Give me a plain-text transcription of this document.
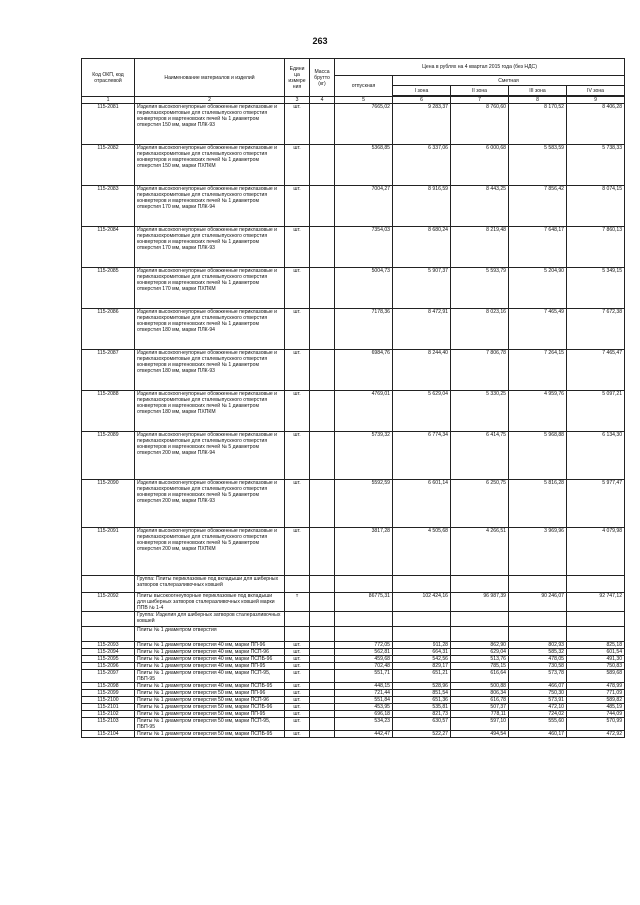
263
Код ОКП, код отраслевой	Наименование материалов и изделий	Едини ца измере ния	Масса брутто (кг)	Цена в рублях на 4 квартал 2015 года (без НДС)				
				отпускная	Сметная			
					I зона	II зона	III зона	IV зона

1	2	3	4	5	6	7	8	9
115-2081	Изделия высокоогнеупорные обожженные периклазовые и периклазохромитовые для сталевыпускного отверстия конвертеров и мартеновских печей № 1 диаметром отверстия 150 мм, марки ПЛК-93	шт.		7665,02	9 283,37	8 760,60	8 170,52	8 406,28
115-2082	Изделия высокоогнеупорные обожженные периклазовые и периклазохромитовые для сталевыпускного отверстия конвертеров и мартеновских печей № 1 диаметром отверстия 150 мм, марки ПХПКМ	шт.		5368,85	6 337,06	6 000,68	5 583,59	5 738,33
115-2083	Изделия высокоогнеупорные обожженные периклазовые и периклазохромитовые для сталевыпускного отверстия конвертеров и мартеновских печей № 1 диаметром отверстия 170 мм, марки ПЛК-94	шт.		7004,27	8 916,59	8 443,25	7 856,42	8 074,15
115-2084	Изделия высокоогнеупорные обожженные периклазовые и периклазохромитовые для сталевыпускного отверстия конвертеров и мартеновских печей № 1 диаметром отверстия 170 мм, марки ПЛК-93	шт.		7354,03	8 680,24	8 219,48	7 648,17	7 860,13
115-2085	Изделия высокоогнеупорные обожженные периклазовые и периклазохромитовые для сталевыпускного отверстия конвертеров и мартеновских печей № 1 диаметром отверстия 170 мм, марки ПХПКМ	шт.		5004,73	5 907,37	5 593,79	5 204,90	5 349,15
115-2086	Изделия высокоогнеупорные обожженные периклазовые и периклазохромитовые для сталевыпускного отверстия конвертеров и мартеновских печей № 1 диаметром отверстия 180 мм, марки ПЛК-94	шт.		7178,36	8 472,91	8 023,16	7 465,49	7 672,38
115-2087	Изделия высокоогнеупорные обожженные периклазовые и периклазохромитовые для сталевыпускного отверстия конвертеров и мартеновских печей № 1 диаметром отверстия 180 мм, марки ПЛК-93	шт.		6984,76	8 244,40	7 806,78	7 264,15	7 465,47
115-2088	Изделия высокоогнеупорные обожженные периклазовые и периклазохромитовые для сталевыпускного отверстия конвертеров и мартеновских печей № 1 диаметром отверстия 180 мм, марки ПХПКМ	шт.		4769,01	5 629,04	5 330,25	4 959,76	5 097,21
115-2089	Изделия высокоогнеупорные обожженные периклазовые и периклазохромитовые для сталевыпускного отверстия конвертеров и мартеновских печей № 5 диаметром отверстия 200 мм, марки ПЛК-94	шт.		5739,32	6 774,34	6 414,75	5 968,88	6 134,30
115-2090	Изделия высокоогнеупорные обожженные периклазовые и периклазохромитовые для сталевыпускного отверстия конвертеров и мартеновских печей № 5 диаметром отверстия 200 мм, марки ПЛК-93	шт.		5592,59	6 601,14	6 250,75	5 816,28	5 977,47
115-2091	Изделия высокоогнеупорные обожженные периклазовые и периклазохромитовые для сталевыпускного отверстия конвертеров и мартеновских печей № 5 диаметром отверстия 200 мм, марки ПХПКМ	шт.		3817,28	4 505,68	4 266,51	3 969,96	4 079,98
	Группа: Плиты периклазовые под вкладыши для шиберных затворов сталеразливочных ковшей							
115-2092	Плиты высокоогнеупорные периклазовые под вкладыши для шиберных затворов сталеразливочных ковшей марки ППВ № 1-4	т		86775,31	102 424,16	96 987,39	90 246,07	92 747,12
	Группа: Изделия для шиберных затворов сталеразливочных ковшей							
	Плиты № 1 диаметром отверстия							
115-2093	Плиты № 1 диаметром отверстия 40 мм, марки ПП-96	шт.		772,05	911,28	862,90	802,93	825,18
115-2094	Плиты № 1 диаметром отверстия 40 мм, марки ПСП-96	шт.		562,81	664,31	629,04	585,32	601,54
115-2095	Плиты № 1 диаметром отверстия 40 мм, марки ПСПБ-96	шт.		459,68	542,56	513,76	478,05	491,30
115-2096	Плиты № 1 диаметром отверстия 40 мм, марки ПП-95	шт.		702,48	829,17	785,15	730,58	750,83
115-2097	Плиты № 1 диаметром отверстия 40 мм, марки ПСП-95, ПБП-95	шт.		551,71	651,21	616,64	573,78	589,68
115-2098	Плиты № 1 диаметром отверстия 40 мм, марки ПСПБ-95	шт.		448,15	528,96	500,88	466,07	478,99
115-2099	Плиты № 1 диаметром отверстия 50 мм, марки ПП-96	шт.		721,44	851,54	806,34	750,30	771,09
115-2100	Плиты № 1 диаметром отверстия 50 мм, марки ПСП-96	шт.		551,84	651,36	616,78	573,91	589,82
115-2101	Плиты № 1 диаметром отверстия 50 мм, марки ПСПБ-96	шт.		453,95	535,81	507,37	472,10	485,19
115-2102	Плиты № 1 диаметром отверстия 50 мм, марки ПП-95	шт.		696,18	821,73	778,11	724,02	744,09
115-2103	Плиты № 1 диаметром отверстия 50 мм, марки ПСП-95, ПБП-95	шт.		534,23	630,57	597,10	555,60	570,99
115-2104	Плиты № 1 диаметром отверстия 50 мм, марки ПСПБ-95	шт.		442,47	522,27	494,54	460,17	472,92
